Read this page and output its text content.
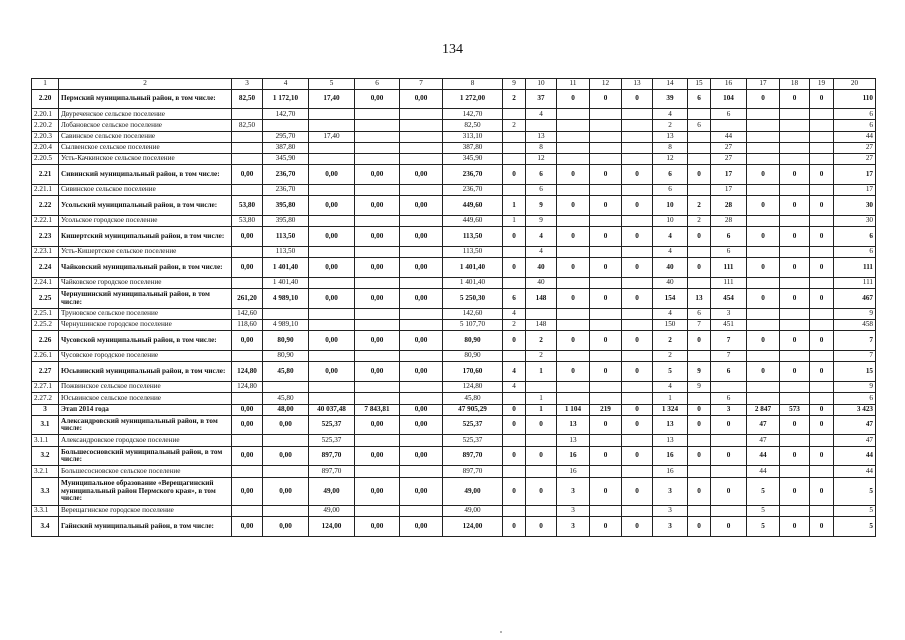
134
1	2	3	4	5	6	7	8	9	10	11	12	13	14	15	16	17	18	19	20
2.20	Пермский муниципальный район, в том числе:	82,50	1 172,10	17,40	0,00	0,00	1 272,00	2	37	0	0	0	39	6	104	0	0	0	110
2.20.1	Двуреченское сельское поселение		142,70				142,70		4				4		6				6
2.20.2	Лобановское сельское поселение	82,50					82,50	2					2	6					6
2.20.3	Савинское сельское поселение		295,70	17,40			313,10		13				13		44				44
2.20.4	Сылвенское сельское поселение		387,80				387,80		8				8		27				27
2.20.5	Усть-Качкинское сельское поселение		345,90				345,90		12				12		27				27
2.21	Сивинский муниципальный район, в том числе:	0,00	236,70	0,00	0,00	0,00	236,70	0	6	0	0	0	6	0	17	0	0	0	17
2.21.1	Сивинское сельское поселение		236,70				236,70		6				6		17				17
2.22	Усольский муниципальный район, в том числе:	53,80	395,80	0,00	0,00	0,00	449,60	1	9	0	0	0	10	2	28	0	0	0	30
2.22.1	Усольское городское поселение	53,80	395,80				449,60	1	9				10	2	28				30
2.23	Кишертский муниципальный район, в том числе:	0,00	113,50	0,00	0,00	0,00	113,50	0	4	0	0	0	4	0	6	0	0	0	6
2.23.1	Усть-Кишертское сельское поселение		113,50				113,50		4				4		6				6
2.24	Чайковский муниципальный район, в том числе:	0,00	1 401,40	0,00	0,00	0,00	1 401,40	0	40	0	0	0	40	0	111	0	0	0	111
2.24.1	Чайковское городское поселение		1 401,40				1 401,40		40				40		111				111
2.25	Чернушинский муниципальный район, в том числе:	261,20	4 989,10	0,00	0,00	0,00	5 250,30	6	148	0	0	0	154	13	454	0	0	0	467
2.25.1	Труновское сельское поселение	142,60					142,60	4					4	6	3				9
2.25.2	Чернушинское городское поселение	118,60	4 989,10				5 107,70	2	148				150	7	451				458
2.26	Чусовской муниципальный район, в том числе:	0,00	80,90	0,00	0,00	0,00	80,90	0	2	0	0	0	2	0	7	0	0	0	7
2.26.1	Чусовское городское поселение		80,90				80,90		2				2		7				7
2.27	Юсьвинский муниципальный район, в том числе:	124,80	45,80	0,00	0,00	0,00	170,60	4	1	0	0	0	5	9	6	0	0	0	15
2.27.1	Пожвинское сельское поселение	124,80					124,80	4					4	9					9
2.27.2	Юсьвинское сельское поселение		45,80				45,80		1				1		6				6
3	Этап 2014 года	0,00	48,00	40 037,48	7 843,81	0,00	47 905,29	0	1	1 104	219	0	1 324	0	3	2 847	573	0	3 423
3.1	Александровский муниципальный район, в том числе:	0,00	0,00	525,37	0,00	0,00	525,37	0	0	13	0	0	13	0	0	47	0	0	47
3.1.1	Александровское городское поселение			525,37			525,37			13			13			47			47
3.2	Большесосновский муниципальный район, в том числе:	0,00	0,00	897,70	0,00	0,00	897,70	0	0	16	0	0	16	0	0	44	0	0	44
3.2.1	Большесосновское сельское поселение			897,70			897,70			16			16			44			44
3.3	Муниципальное образование «Верещагинский муниципальный район Пермского края», в том числе:	0,00	0,00	49,00	0,00	0,00	49,00	0	0	3	0	0	3	0	0	5	0	0	5
3.3.1	Верещагинское городское поселение			49,00			49,00			3			3			5			5
3.4	Гайнский муниципальный район, в том числе:	0,00	0,00	124,00	0,00	0,00	124,00	0	0	3	0	0	3	0	0	5	0	0	5
